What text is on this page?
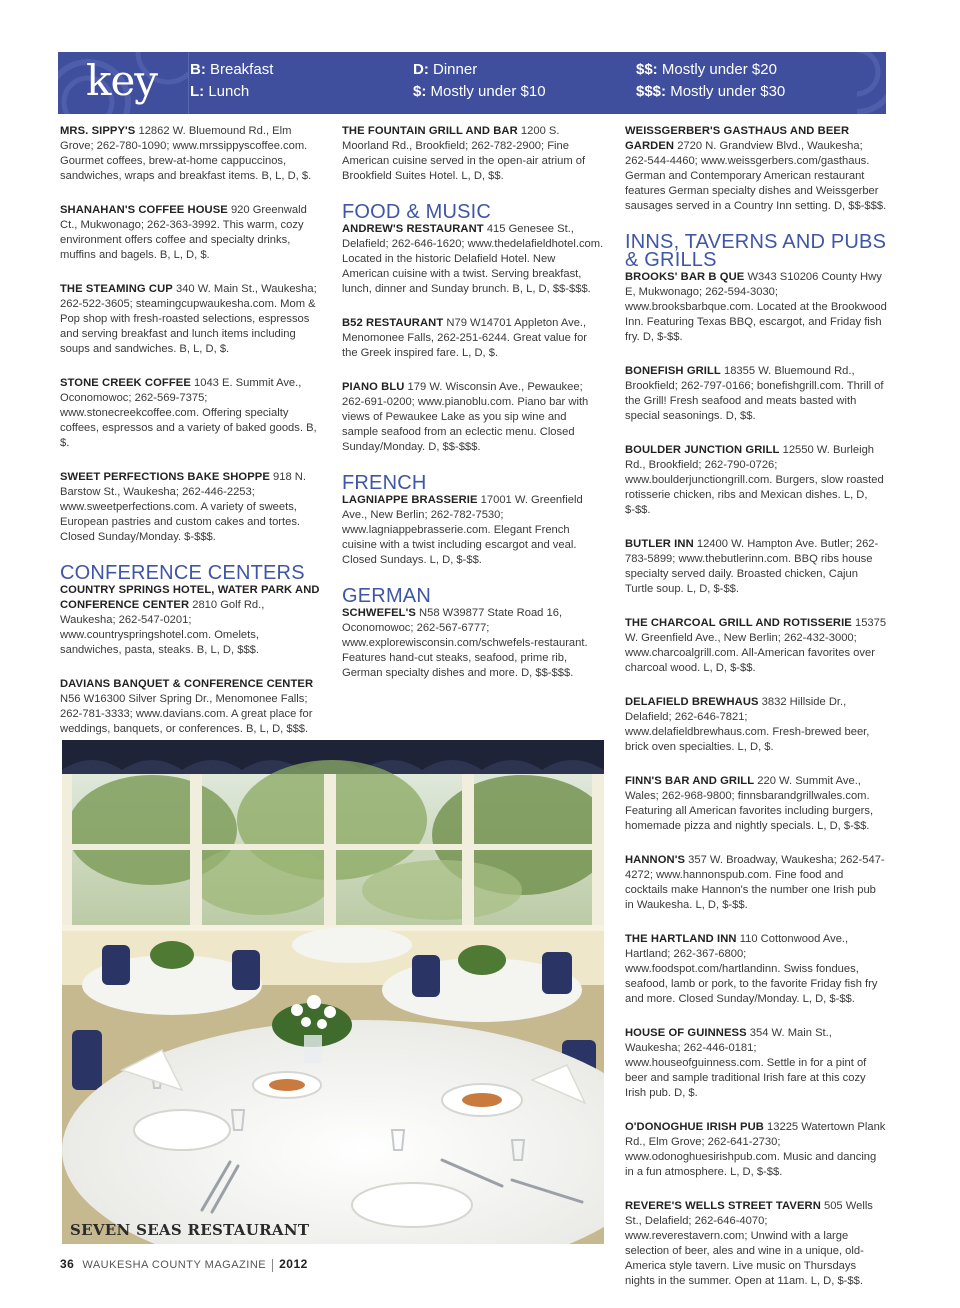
key B: Breakfast
L: Lunch
D: Dinner
$: Mostly under $10
$$: Mostly under $20
$$$: Mostly under $30
MRS. SIPPY'S 12862 W. Bluemound Rd., Elm Grove; 262-780-1090; www.mrssippyscoffee.com. Gourmet coffees, brew-at-home cappuccinos, sandwiches, wraps and breakfast items. B, L, D, $.
SHANAHAN'S COFFEE HOUSE 920 Greenwald Ct., Mukwonago; 262-363-3992. This warm, cozy environment offers coffee and specialty drinks, muffins and bagels. B, L, D, $.
THE STEAMING CUP 340 W. Main St., Waukesha; 262-522-3605; steamingcupwaukesha.com. Mom & Pop shop with fresh-roasted selections, espressos and serving breakfast and lunch items including soups and sandwiches. B, L, D, $.
STONE CREEK COFFEE 1043 E. Summit Ave., Oconomowoc; 262-569-7375; www.stonecreekcoffee.com. Offering specialty coffees, espressos and a variety of baked goods. B, $.
SWEET PERFECTIONS BAKE SHOPPE 918 N. Barstow St., Waukesha; 262-446-2253; www.sweetperfections.com. A variety of sweets, European pastries and custom cakes and tortes. Closed Sunday/Monday. $-$$$.
CONFERENCE CENTERS
COUNTRY SPRINGS HOTEL, WATER PARK AND CONFERENCE CENTER 2810 Golf Rd., Waukesha; 262-547-0201; www.countryspringshotel.com. Omelets, sandwiches, pasta, steaks. B, L, D, $$$.
DAVIANS BANQUET & CONFERENCE CENTER N56 W16300 Silver Spring Dr., Menomonee Falls; 262-781-3333; www.davians.com. A great place for weddings, banquets, or conferences. B, L, D, $$$.
THE FOUNTAIN GRILL AND BAR 1200 S. Moorland Rd., Brookfield; 262-782-2900; Fine American cuisine served in the open-air atrium of Brookfield Suites Hotel. L, D, $$.
FOOD & MUSIC
ANDREW'S RESTAURANT 415 Genesee St., Delafield; 262-646-1620; www.thedelafieldhotel.com. Located in the historic Delafield Hotel. New American cuisine with a twist. Serving breakfast, lunch, dinner and Sunday brunch. B, L, D, $$-$$$.
B52 RESTAURANT N79 W14701 Appleton Ave., Menomonee Falls, 262-251-6244. Great value for the Greek inspired fare. L, D, $.
PIANO BLU 179 W. Wisconsin Ave., Pewaukee; 262-691-0200; www.pianoblu.com. Piano bar with views of Pewaukee Lake as you sip wine and sample seafood from an eclectic menu. Closed Sunday/Monday. D, $$-$$$.
FRENCH
LAGNIAPPE BRASSERIE 17001 W. Greenfield Ave., New Berlin; 262-782-7530; www.lagniappebrasserie.com. Elegant French cuisine with a twist including escargot and veal. Closed Sundays. L, D, $-$$.
GERMAN
SCHWEFEL'S N58 W39877 State Road 16, Oconomowoc; 262-567-6777; www.explorewisconsin.com/schwefels-restaurant. Features hand-cut steaks, seafood, prime rib, German specialty dishes and more. D, $$-$$$.
WEISSGERBER'S GASTHAUS AND BEER GARDEN 2720 N. Grandview Blvd., Waukesha; 262-544-4460; www.weissgerbers.com/gasthaus. German and Contemporary American restaurant features German specialty dishes and Weissgerber sausages served in a Country Inn setting. D, $$-$$$.
INNS, TAVERNS AND PUBS & GRILLS
BROOKS' BAR B QUE W343 S10206 County Hwy E, Mukwonago; 262-594-3030; www.brooksbarbque.com. Located at the Brookwood Inn. Featuring Texas BBQ, escargot, and Friday fish fry. D, $-$$.
BONEFISH GRILL 18355 W. Bluemound Rd., Brookfield; 262-797-0166; bonefishgrill.com. Thrill of the Grill! Fresh seafood and meats basted with special seasonings. D, $$.
BOULDER JUNCTION GRILL 12550 W. Burleigh Rd., Brookfield; 262-790-0726; www.boulderjunctiongrill.com. Burgers, slow roasted rotisserie chicken, ribs and Mexican dishes. L, D, $-$$.
BUTLER INN 12400 W. Hampton Ave. Butler; 262-783-5899; www.thebutlerinn.com. BBQ ribs house specialty served daily. Broasted chicken, Cajun Turtle soup. L, D, $-$$.
THE CHARCOAL GRILL AND ROTISSERIE 15375 W. Greenfield Ave., New Berlin; 262-432-3000; www.charcoalgrill.com. All-American favorites over charcoal wood. L, D, $-$$.
DELAFIELD BREWHAUS 3832 Hillside Dr., Delafield; 262-646-7821; www.delafieldbrewhaus.com. Fresh-brewed beer, brick oven specialties. L, D, $.
FINN'S BAR AND GRILL 220 W. Summit Ave., Wales; 262-968-9800; finnsbarandgrillwales.com. Featuring all American favorites including burgers, homemade pizza and nightly specials. L, D, $-$$.
HANNON'S 357 W. Broadway, Waukesha; 262-547-4272; www.hannonspub.com. Fine food and cocktails make Hannon's the number one Irish pub in Waukesha. L, D, $-$$.
THE HARTLAND INN 110 Cottonwood Ave., Hartland; 262-367-6800; www.foodspot.com/hartlandinn. Swiss fondues, seafood, lamb or pork, to the favorite Friday fish fry and more. Closed Sunday/Monday. L, D, $-$$.
HOUSE OF GUINNESS 354 W. Main St., Waukesha; 262-446-0181; www.houseofguinness.com. Settle in for a pint of beer and sample traditional Irish fare at this cozy Irish pub. D, $.
O'DONOGHUE IRISH PUB 13225 Watertown Plank Rd., Elm Grove; 262-641-2730; www.odonoghuesirishpub.com. Music and dancing in a fun atmosphere. L, D, $-$$.
REVERE'S WELLS STREET TAVERN 505 Wells St., Delafield; 262-646-4070; www.reverestavern.com; Unwind with a large selection of beer, ales and wine in a unique, old-America style tavern. Live music on Thursdays nights in the summer. Open at 11am. L, D, $-$$.
SEVEN SEAS RESTAURANT
36 WAUKESHA COUNTY MAGAZINE 2012
